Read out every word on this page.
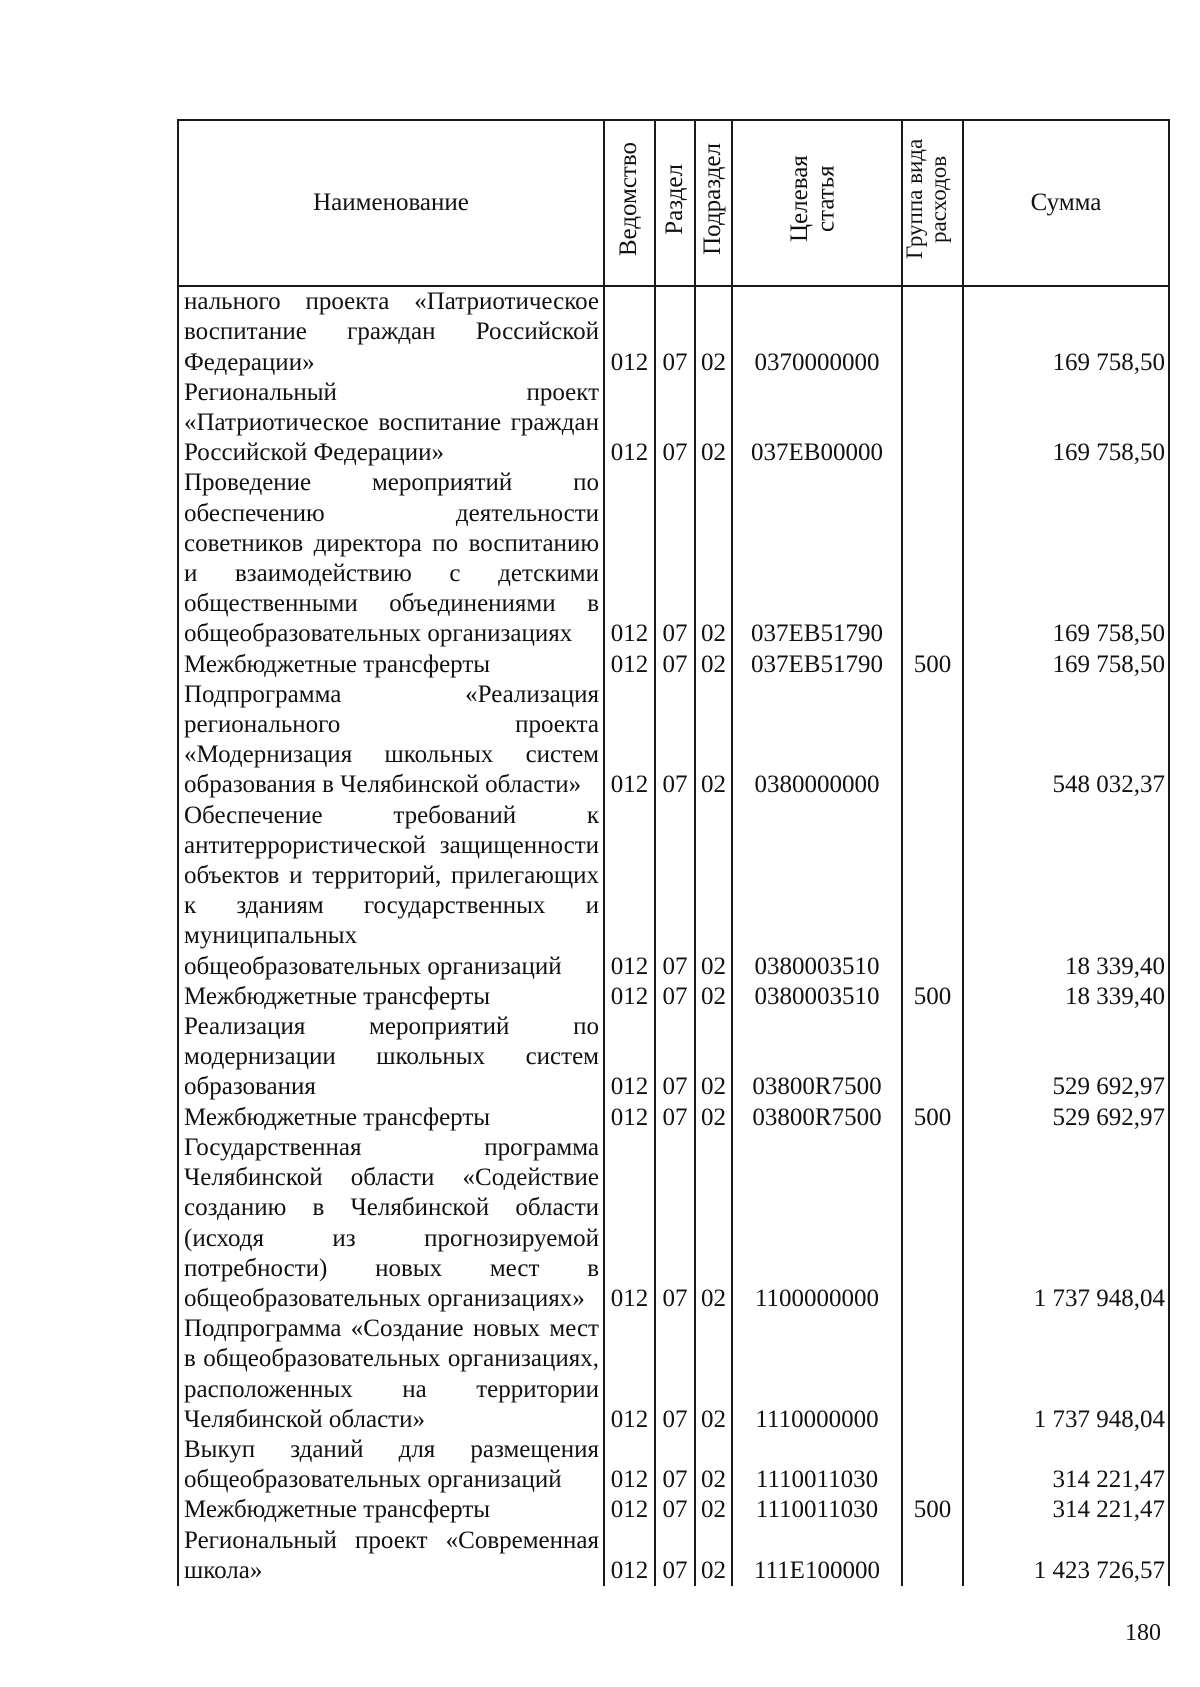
Наименование	Ведомство	Раздел	Подраздел	Целевая статья	Группа вида расходов	Сумма
нального проекта «Патриотическое воспитание граждан Российской Федерации»	012	07	02	0370000000		169 758,50
Региональный проект «Патриотическое воспитание граждан Российской Федерации»	012	07	02	037EB00000		169 758,50
Проведение мероприятий по обеспечению деятельности советников директора по воспитанию и взаимодействию с детскими общественными объединениями в общеобразовательных организациях	012	07	02	037EB51790		169 758,50
Межбюджетные трансферты	012	07	02	037EB51790	500	169 758,50
Подпрограмма «Реализация регионального проекта «Модернизация школьных систем образования в Челябинской области»	012	07	02	0380000000		548 032,37
Обеспечение требований к антитеррористической защищенности объектов и территорий, прилегающих к зданиям государственных и муниципальных общеобразовательных организаций	012	07	02	0380003510		18 339,40
Межбюджетные трансферты	012	07	02	0380003510	500	18 339,40
Реализация мероприятий по модернизации школьных систем образования	012	07	02	03800R7500		529 692,97
Межбюджетные трансферты	012	07	02	03800R7500	500	529 692,97
Государственная программа Челябинской области «Содействие созданию в Челябинской области (исходя из прогнозируемой потребности) новых мест в общеобразовательных организациях»	012	07	02	1100000000		1 737 948,04
Подпрограмма «Создание новых мест в общеобразовательных организациях, расположенных на территории Челябинской области»	012	07	02	1110000000		1 737 948,04
Выкуп зданий для размещения общеобразовательных организаций	012	07	02	1110011030		314 221,47
Межбюджетные трансферты	012	07	02	1110011030	500	314 221,47
Региональный проект «Современная школа»	012	07	02	111E100000		1 423 726,57
180
